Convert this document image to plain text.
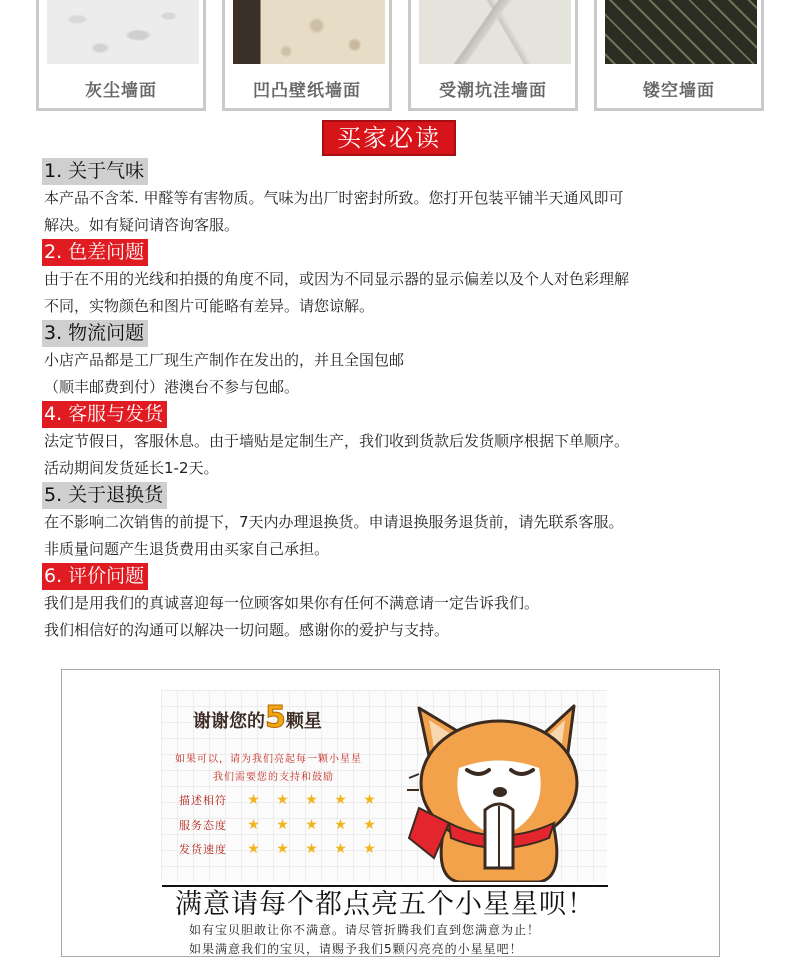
灰尘墙面	凹凸壁纸墙面	受潮坑洼墙面	镂空墙面
买家必读
1. 关于气味
本产品不含苯. 甲醛等有害物质。气味为出厂时密封所致。您打开包装平铺半天通风即可
解决。如有疑问请咨询客服。
2. 色差问题
由于在不用的光线和拍摄的角度不同，或因为不同显示器的显示偏差以及个人对色彩理解
不同，实物颜色和图片可能略有差异。请您谅解。
3. 物流问题
小店产品都是工厂现生产制作在发出的，并且全国包邮
（顺丰邮费到付）港澳台不参与包邮。
4. 客服与发货
法定节假日，客服休息。由于墙贴是定制生产，我们收到货款后发货顺序根据下单顺序。
活动期间发货延长1-2天。
5. 关于退换货
在不影响二次销售的前提下，7天内办理退换货。申请退换服务退货前，请先联系客服。
非质量问题产生退货费用由买家自己承担。
6. 评价问题
我们是用我们的真诚喜迎每一位顾客如果你有任何不满意请一定告诉我们。
我们相信好的沟通可以解决一切问题。感谢你的爱护与支持。
谢谢您的5颗星
如果可以，请为我们亮起每一颗小星星
我们需要您的支持和鼓励
描述相符	★	★	★	★	★
服务态度	★	★	★	★	★
发货速度	★	★	★	★	★
满意请每个都点亮五个小星星呗！
如有宝贝胆敢让你不满意。请尽管折腾我们直到您满意为止！
如果满意我们的宝贝，请赐予我们5颗闪亮亮的小星星吧！
